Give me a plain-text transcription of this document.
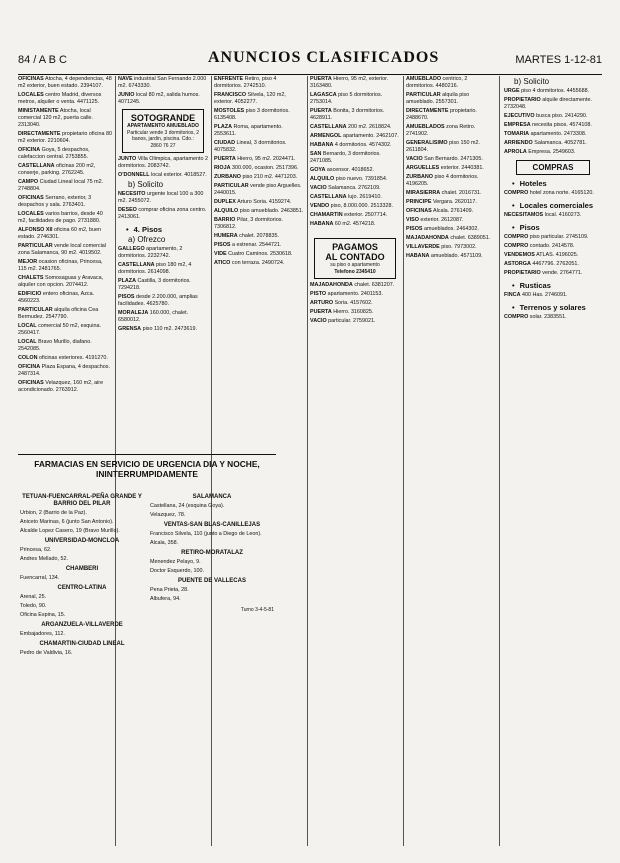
84 / A B C	ANUNCIOS CLASIFICADOS	MARTES 1-12-81

OFICINAS Atocha, 4 dependencias, 48 m2 exterior, buen estado. 2394107.

LOCALES centro Madrid, diversos metros, alquiler o venta. 4471125.

MINISTAMENTE Atocha, local comercial 120 m2, puerta calle. 2313040.

DIRECTAMENTE propietario oficina 80 m2 exterior. 2210604.

OFICINA Goya, 5 despachos, calefaccion central. 2753855.

CASTELLANA oficinas 200 m2, conserje, parking. 2762245.

CAMPO Ciudad Lineal local 75 m2. 2748804.

OFICINAS Serrano, exterior, 3 despachos y sala. 2763401.

LOCALES varios barrios, desde 40 m2, facilidades de pago. 2731880.

ALFONSO XII oficina 60 m2, buen estado. 2746301.

PARTICULAR vende local comercial zona Salamanca, 90 m2. 4019502.

MEJOR ocasion oficinas, Princesa, 115 m2. 2481765.

CHALETS Somosaguas y Aravaca, alquiler con opcion. 2074412.

EDIFICIO entero oficinas, Azca. 4560223.

PARTICULAR alquila oficina Cea Bermudez. 2547790.

LOCAL comercial 50 m2, esquina. 2560417.

LOCAL Bravo Murillo, diafano. 2542085.

COLON oficinas exteriores. 4191270.

OFICINA Plaza Espana, 4 despachos. 2487314.

OFICINAS Velazquez, 160 m2, aire acondicionado. 2763912.

NAVE industrial San Fernando 2.000 m2. 6743330.

JUNIO local 80 m2, salida humos. 4071245.

SOTOGRANDE
APARTAMENTO AMUEBLADO
Particular vende 3 dormitorios, 2 banos, jardin, piscina. Cdo.: 2860 76 27

JUNTO Villa Olimpica, apartamento 2 dormitorios. 2083742.

O'DONNELL local exterior. 4018527.

b) Solicito

NECESITO urgente local 100 a 300 m2. 2455072.

DESEO comprar oficina zona centro. 2413061.

• 4. Pisos
a) Ofrezco

GALLEGO apartamento, 2 dormitorios. 2232742.

CASTELLANA piso 180 m2, 4 dormitorios. 2614098.

PLAZA Castilla, 3 dormitorios. 7294218.

PISOS desde 2.200.000, amplias facilidades. 4625780.

MORALEJA 160.000, chalet. 6580012.

GRENSA piso 110 m2. 2473619.

ENFRENTE Retiro, piso 4 dormitorios. 2742510.

FRANCISCO Silvela, 120 m2, exterior. 4052277.

MOSTOLES piso 3 dormitorios. 6135408.

PLAZA Roma, apartamento. 2553611.

CIUDAD Lineal, 3 dormitorios. 4075832.

PUERTA Hierro, 95 m2. 2024471.

RIOJA 300.000, ocasion. 2517396.

ZURBANO piso 210 m2. 4471203.

PARTICULAR vende piso Arguelles. 2440015.

DUPLEX Arturo Soria. 4159274.

ALQUILO piso amueblado. 2463851.

BARRIO Pilar, 3 dormitorios. 7306812.

HUMERA chalet. 2078835.

PISOS a estrenar. 2544721.

VIDE Cuatro Caminos. 2530618.

ATICO con terraza. 2490724.

PUERTA Hierro, 95 m2, exterior. 3163480.

LAGASCA piso 5 dormitorios. 2753014.

PUERTA Bonita, 3 dormitorios. 4628911.

CASTELLANA 200 m2. 2618824.

ARMENGOL apartamento. 2462107.

HABANA 4 dormitorios. 4574302.

SAN Bernardo, 3 dormitorios. 2471085.

GOYA ascensor. 4018652.

ALQUILO piso nuevo. 7391854.

VACIO Salamanca. 2762109.

CASTELLANA lujo. 2619410.

VENDO piso, 8.000.000. 2513328.

CHAMARTIN exterior. 2507714.

HABANA 60 m2. 4574218.

PAGAMOS
AL CONTADO
su piso o apartamento
Telefono 2345410

MAJADAHONDA chalet. 6381207.

PISTO apartamento. 2401153.

ARTURO Soria. 4157602.

PUERTA Hierro. 3160825.

VACIO particular. 2759021.

AMUEBLADO centrico, 2 dormitorios. 4480216.

PARTICULAR alquila piso amueblado. 2557301.

DIRECTAMENTE propietario. 2488670.

AMUEBLADOS zona Retiro. 2741902.

GENERALISIMO piso 150 m2. 2611804.

VACIO San Bernardo. 2471305.

ARGUELLES exterior. 2440381.

ZURBANO piso 4 dormitorios. 4196205.

MIRASIERRA chalet. 2016731.

PRINCIPE Vergara. 2620117.

OFICINAS Alcala. 2761409.

VISO exterior. 2612087.

PISOS amueblados. 2464302.

MAJADAHONDA chalet. 6389051.

VILLAVERDE piso. 7973002.

HABANA amueblado. 4571109.

b) Solicito

URGE piso 4 dormitorios. 4455688.

PROPIETARIO alquile directamente. 2732048.

EJECUTIVO busca piso. 2414290.

EMPRESA necesita pisos. 4574108.

TOMARIA apartamento. 2473308.

ARRIENDO Salamanca. 4052781.

APROLA Empresa. 2549603.

COMPRAS
• Hoteles

COMPRO hotel zona norte. 4165120.

• Locales comerciales

NECESITAMOS local. 4160273.

• Pisos

COMPRO piso particular. 2745109.

COMPRO contado. 2414578.

VENDEMOS ATLAS. 4196025.

ASTORGA 4467796. 2762051.

PROPIETARIO vende. 2764771.

• Rusticas

FINCA 400 Has. 2746091.

• Terrenos y solares

COMPRO solar. 2383551.

FARMACIAS EN SERVICIO DE URGENCIA DIA Y NOCHE, ININTERRUMPIDAMENTE
TETUAN-FUENCARRAL-PEÑA GRANDE Y BARRIO DEL PILAR

Urbion, 2 (Barrio de la Paz).

Aniceto Marinas, 6 (junto San Antonio).

Alcalde Lopez Casero, 19 (Bravo Murillo).

UNIVERSIDAD-MONCLOA

Princesa, 62.

Andres Mellado, 52.

CHAMBERI

Fuencarral, 134.

CENTRO-LATINA

Arenal, 25.

Toledo, 90.

Oficina Espina, 15.

ARGANZUELA-VILLAVERDE

Embajadores, 112.

CHAMARTIN-CIUDAD LINEAL

Pedro de Valdivia, 16.

SALAMANCA

Castellana, 24 (esquina Goya).

Velazquez, 78.

VENTAS-SAN BLAS-CANILLEJAS

Francisco Silvela, 110 (junto a Diego de Leon).

Alcala, 358.

RETIRO-MORATALAZ

Menendez Pelayo, 9.

Doctor Esquerdo, 100.

PUENTE DE VALLECAS

Pena Prieta, 28.

Albufera, 94.

Turno 3-4-5-81
